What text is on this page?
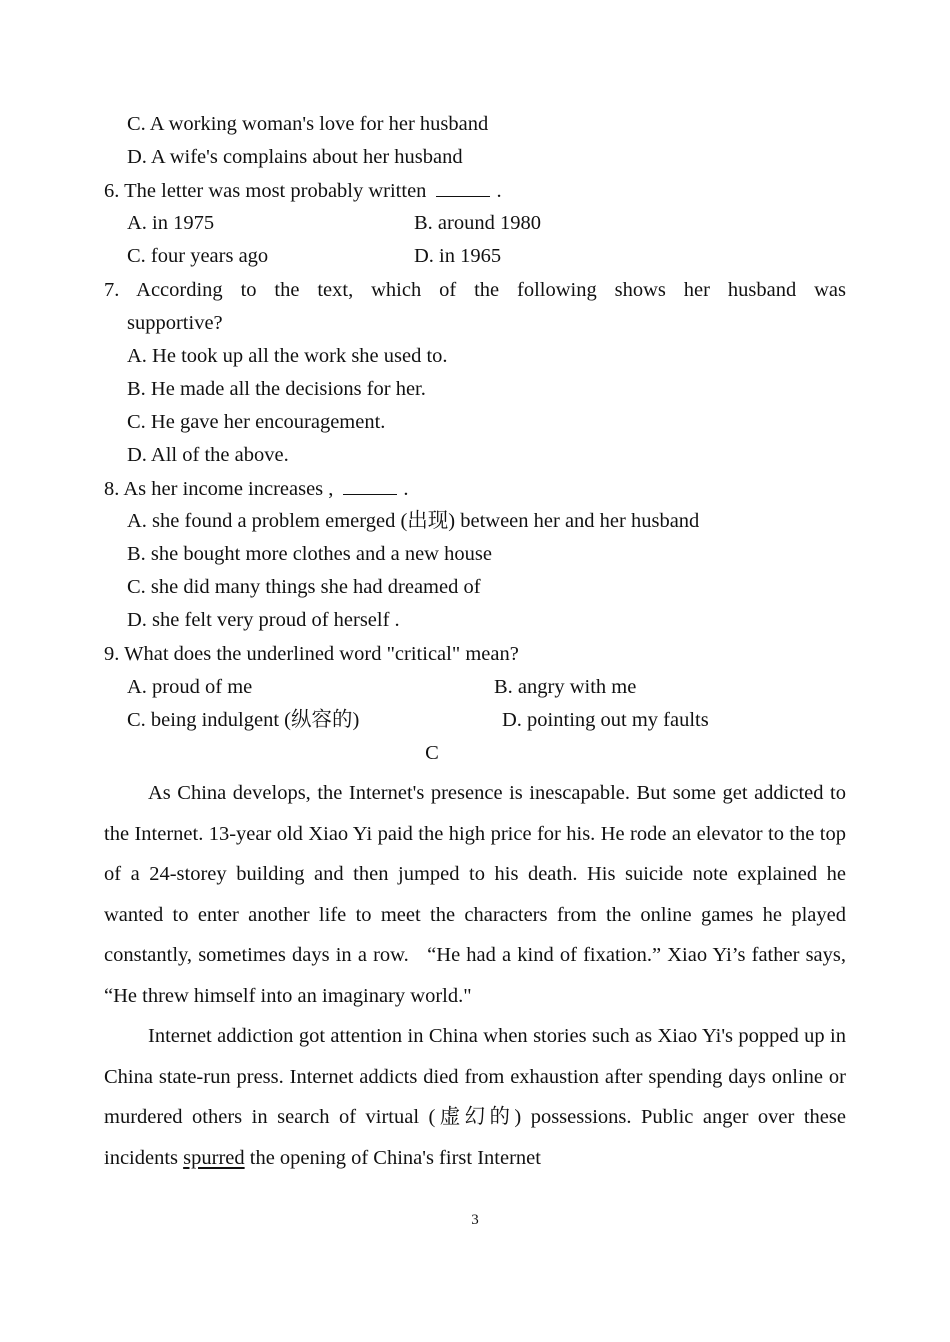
C. A working woman's love for her husband
D. A wife's complains about her husband
6. The letter was most probably written	.
A. in 1975	B. around 1980
C. four years ago	D. in 1965
7. According to the text, which of the following shows her husband was
supportive?
A. He took up all the work she used to.
B. He made all the decisions for her.
C. He gave her encouragement.
D. All of the above.
8. As her income increases ,	.
A. she found a problem emerged (出现) between her and her husband
B. she bought more clothes and a new house
C. she did many things she had dreamed of
D. she felt very proud of herself .
9. What does the underlined word "critical" mean?
A. proud of me	B. angry with me
C. being indulgent (纵容的)	D. pointing out my faults
C

As China develops, the Internet's presence is inescapable. But some get addicted to the Internet. 13-year old Xiao Yi paid the high price for his. He rode an elevator to the top of a 24-storey building and then jumped to his death. His suicide note explained he wanted to enter another life to meet the characters from the online games he played constantly, sometimes days in a row.   “He had a kind of fixation.” Xiao Yi’s father says, “He threw himself into an imaginary world."

Internet addiction got attention in China when stories such as Xiao Yi's popped up in China state-run press. Internet addicts died from exhaustion after spending days online or murdered others in search of virtual (虚幻的) possessions. Public anger over these incidents spurred the opening of China's first Internet

3
